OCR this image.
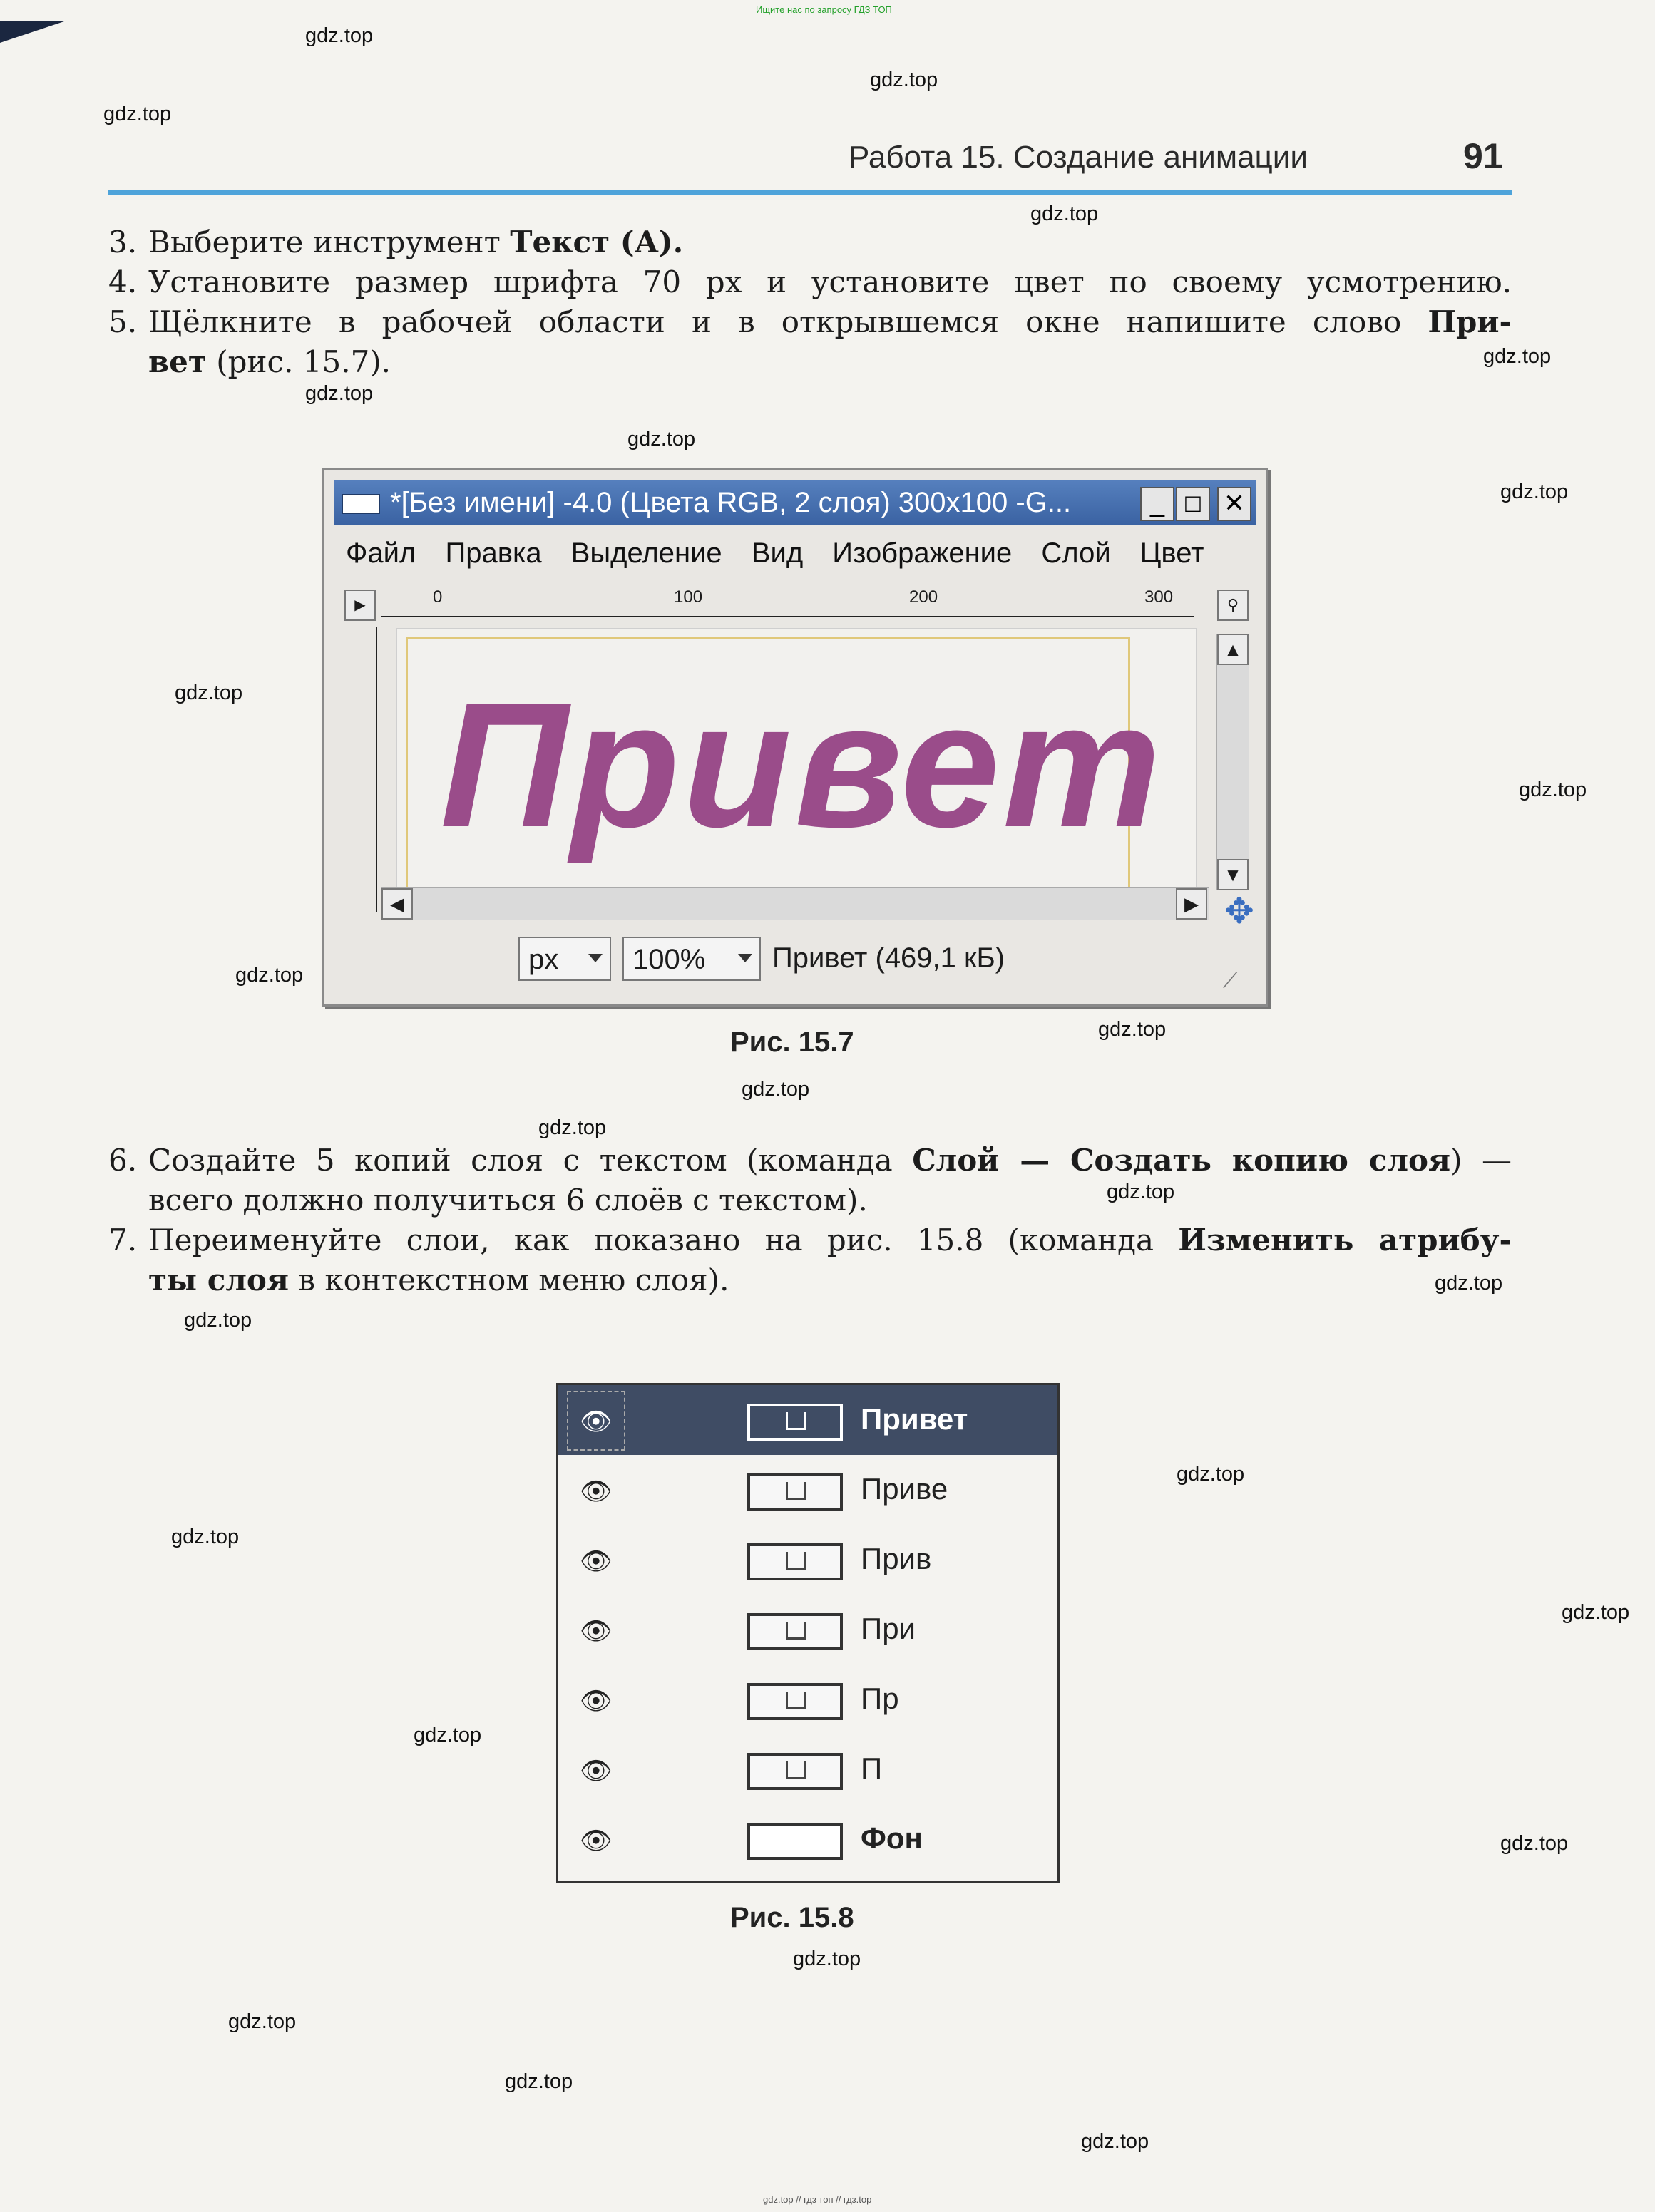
Ищите нас по запросу ГДЗ ТОП
gdz.top
gdz.top
gdz.top
gdz.top
gdz.top
gdz.top
gdz.top
gdz.top
gdz.top
gdz.top
gdz.top
gdz.top
gdz.top
gdz.top
gdz.top
gdz.top
gdz.top
gdz.top
gdz.top
gdz.top
gdz.top
gdz.top
gdz.top
gdz.top
gdz.top
gdz.top
Работа 15. Создание анимации	91
3. Выберите инструмент Текст (А).
4. Установите размер шрифта 70 px и установите цвет по своему усмотрению.
5. Щёлкните в рабочей области и в открывшемся окне напишите слово При-
вет (рис. 15.7).
*[Без имени] -4.0 (Цвета RGB, 2 слоя) 300x100 -G...	_ □ ✕
Файл Правка Выделение Вид Изображение Слой Цвет
▶	0	100	200	300	⚲
Привет
▲
▼
◀	▶ ✥
px	100%	Привет (469,1 кБ)
⟋
Рис. 15.7
6. Создайте 5 копий слоя с текстом (команда Слой — Создать копию слоя) —
всего должно получиться 6 слоёв с текстом).
7. Переименуйте слои, как показано на рис. 15.8 (команда Изменить атрибу-
ты слоя в контекстном меню слоя).
👁	Привет
👁	Приве
👁	Прив
👁	При
👁	Пр
👁	П
👁	Фон
Рис. 15.8
gdz.top // гдз топ // гдз.top
